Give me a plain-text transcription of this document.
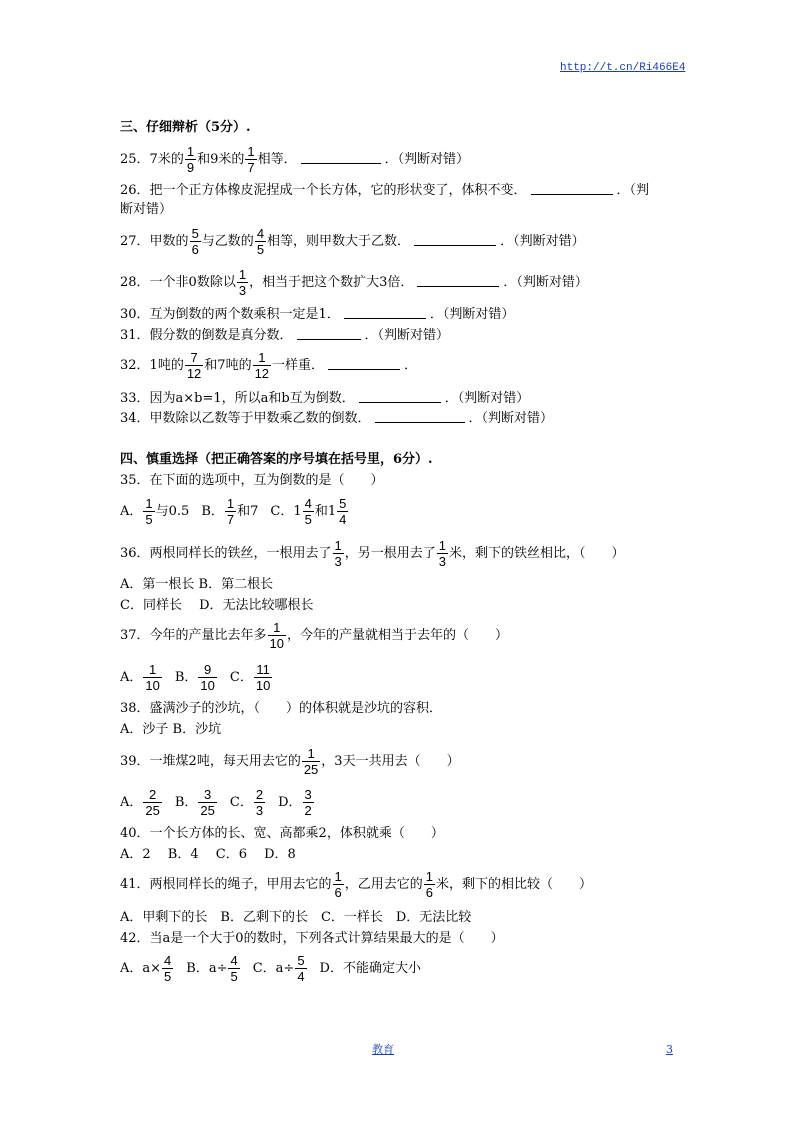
http://t.cn/Ri466E4
三、仔细辩析（5分）.
25．7米的 $\frac{1}{9}$ 和9米的 $\frac{1}{7}$ 相等．	．（判断对错）
26．把一个正方体橡皮泥捏成一个长方体，它的形状变了，体积不变．	．（判
断对错）
27．甲数的 $\frac{5}{6}$ 与乙数的 $\frac{4}{5}$ 相等，则甲数大于乙数．	．（判断对错）
28．一个非0数除以 $\frac{1}{3}$ ，相当于把这个数扩大3倍．	．（判断对错）
30．互为倒数的两个数乘积一定是1．	．（判断对错）
31．假分数的倒数是真分数．	．（判断对错）
32．1吨的 $\frac{7}{12}$ 和7吨的 $\frac{1}{12}$ 一样重．	．
33．因为a×b=1，所以a和b互为倒数．	．（判断对错）
34．甲数除以乙数等于甲数乘乙数的倒数．	．（判断对错）
四、慎重选择（把正确答案的序号填在括号里，6分）.
35．在下面的选项中，互为倒数的是（　　）
A． $\frac{1}{5}$ 与0.5 B． $\frac{1}{7}$ 和7 C．$1 \frac{4}{5}$ 和$1 \frac{5}{4}$
36．两根同样长的铁丝，一根用去了 $\frac{1}{3}$ ，另一根用去了 $\frac{1}{3}$ 米，剩下的铁丝相比，（　　）
A．第一根长 B．第二根长
C．同样长　 D．无法比较哪根长
37．今年的产量比去年多 $\frac{1}{10}$ ，今年的产量就相当于去年的（　　）
A． $\frac{1}{10}$ B． $\frac{9}{10}$ C． $\frac{11}{10}$
38．盛满沙子的沙坑，（　　）的体积就是沙坑的容积．
A．沙子 B．沙坑
39．一堆煤2吨，每天用去它的 $\frac{1}{25}$ ，3天一共用去（　　）
A． $\frac{2}{25}$ B． $\frac{3}{25}$ C． $\frac{2}{3}$ D． $\frac{3}{2}$
40．一个长方体的长、宽、高都乘2，体积就乘（　　）
A．2　 B．4　 C．6　 D．8
41．两根同样长的绳子，甲用去它的 $\frac{1}{6}$ ，乙用去它的 $\frac{1}{6}$ 米，剩下的相比较（　　）
A．甲剩下的长　B．乙剩下的长　C．一样长　D．无法比较
42．当a是一个大于0的数时，下列各式计算结果最大的是（　　）
A．$a\times \frac{4}{5}$ B．$a\div \frac{4}{5}$ C．$a\div \frac{5}{4}$ D．不能确定大小
教育	3
